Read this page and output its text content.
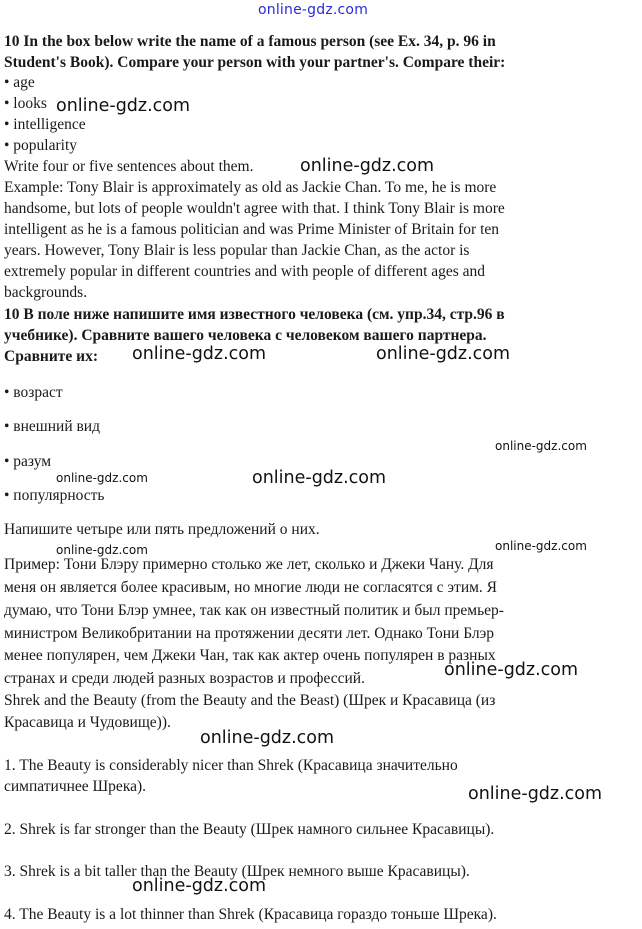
online-gdz.com
10 In the box below write the name of a famous person (see Ex. 34, p. 96 in
Student's Book). Compare your person with your partner's. Compare their:
• age
• looks
• intelligence
• popularity
Write four or five sentences about them.
Example: Tony Blair is approximately as old as Jackie Chan. To me, he is more
handsome, but lots of people wouldn't agree with that. I think Tony Blair is more
intelligent as he is a famous politician and was Prime Minister of Britain for ten
years. However, Tony Blair is less popular than Jackie Chan, as the actor is
extremely popular in different countries and with people of different ages and
backgrounds.
10 В поле ниже напишите имя известного человека (см. упр.34, стр.96 в
учебнике). Сравните вашего человека с человеком вашего партнера.
Сравните их:
• возраст
• внешний вид
• разум
• популярность
Напишите четыре или пять предложений о них.
Пример: Тони Блэру примерно столько же лет, сколько и Джеки Чану. Для
меня он является более красивым, но многие люди не согласятся с этим. Я
думаю, что Тони Блэр умнее, так как он известный политик и был премьер-
министром Великобритании на протяжении десяти лет. Однако Тони Блэр
менее популярен, чем Джеки Чан, так как актер очень популярен в разных
странах и среди людей разных возрастов и профессий.
Shrek and the Beauty (from the Beauty and the Beast) (Шрек и Красавица (из
Красавица и Чудовище)).
1. The Beauty is considerably nicer than Shrek (Красавица значительно
симпатичнее Шрека).
2. Shrek is far stronger than the Beauty (Шрек намного сильнее Красавицы).
3. Shrek is a bit taller than the Beauty (Шрек немного выше Красавицы).
4. The Beauty is a lot thinner than Shrek (Красавица гораздо тоньше Шрека).
online-gdz.com
online-gdz.com
online-gdz.com	online-gdz.com
online-gdz.com
online-gdz.com
online-gdz.com
online-gdz.com	online-gdz.com
online-gdz.com
online-gdz.com
online-gdz.com
online-gdz.com
